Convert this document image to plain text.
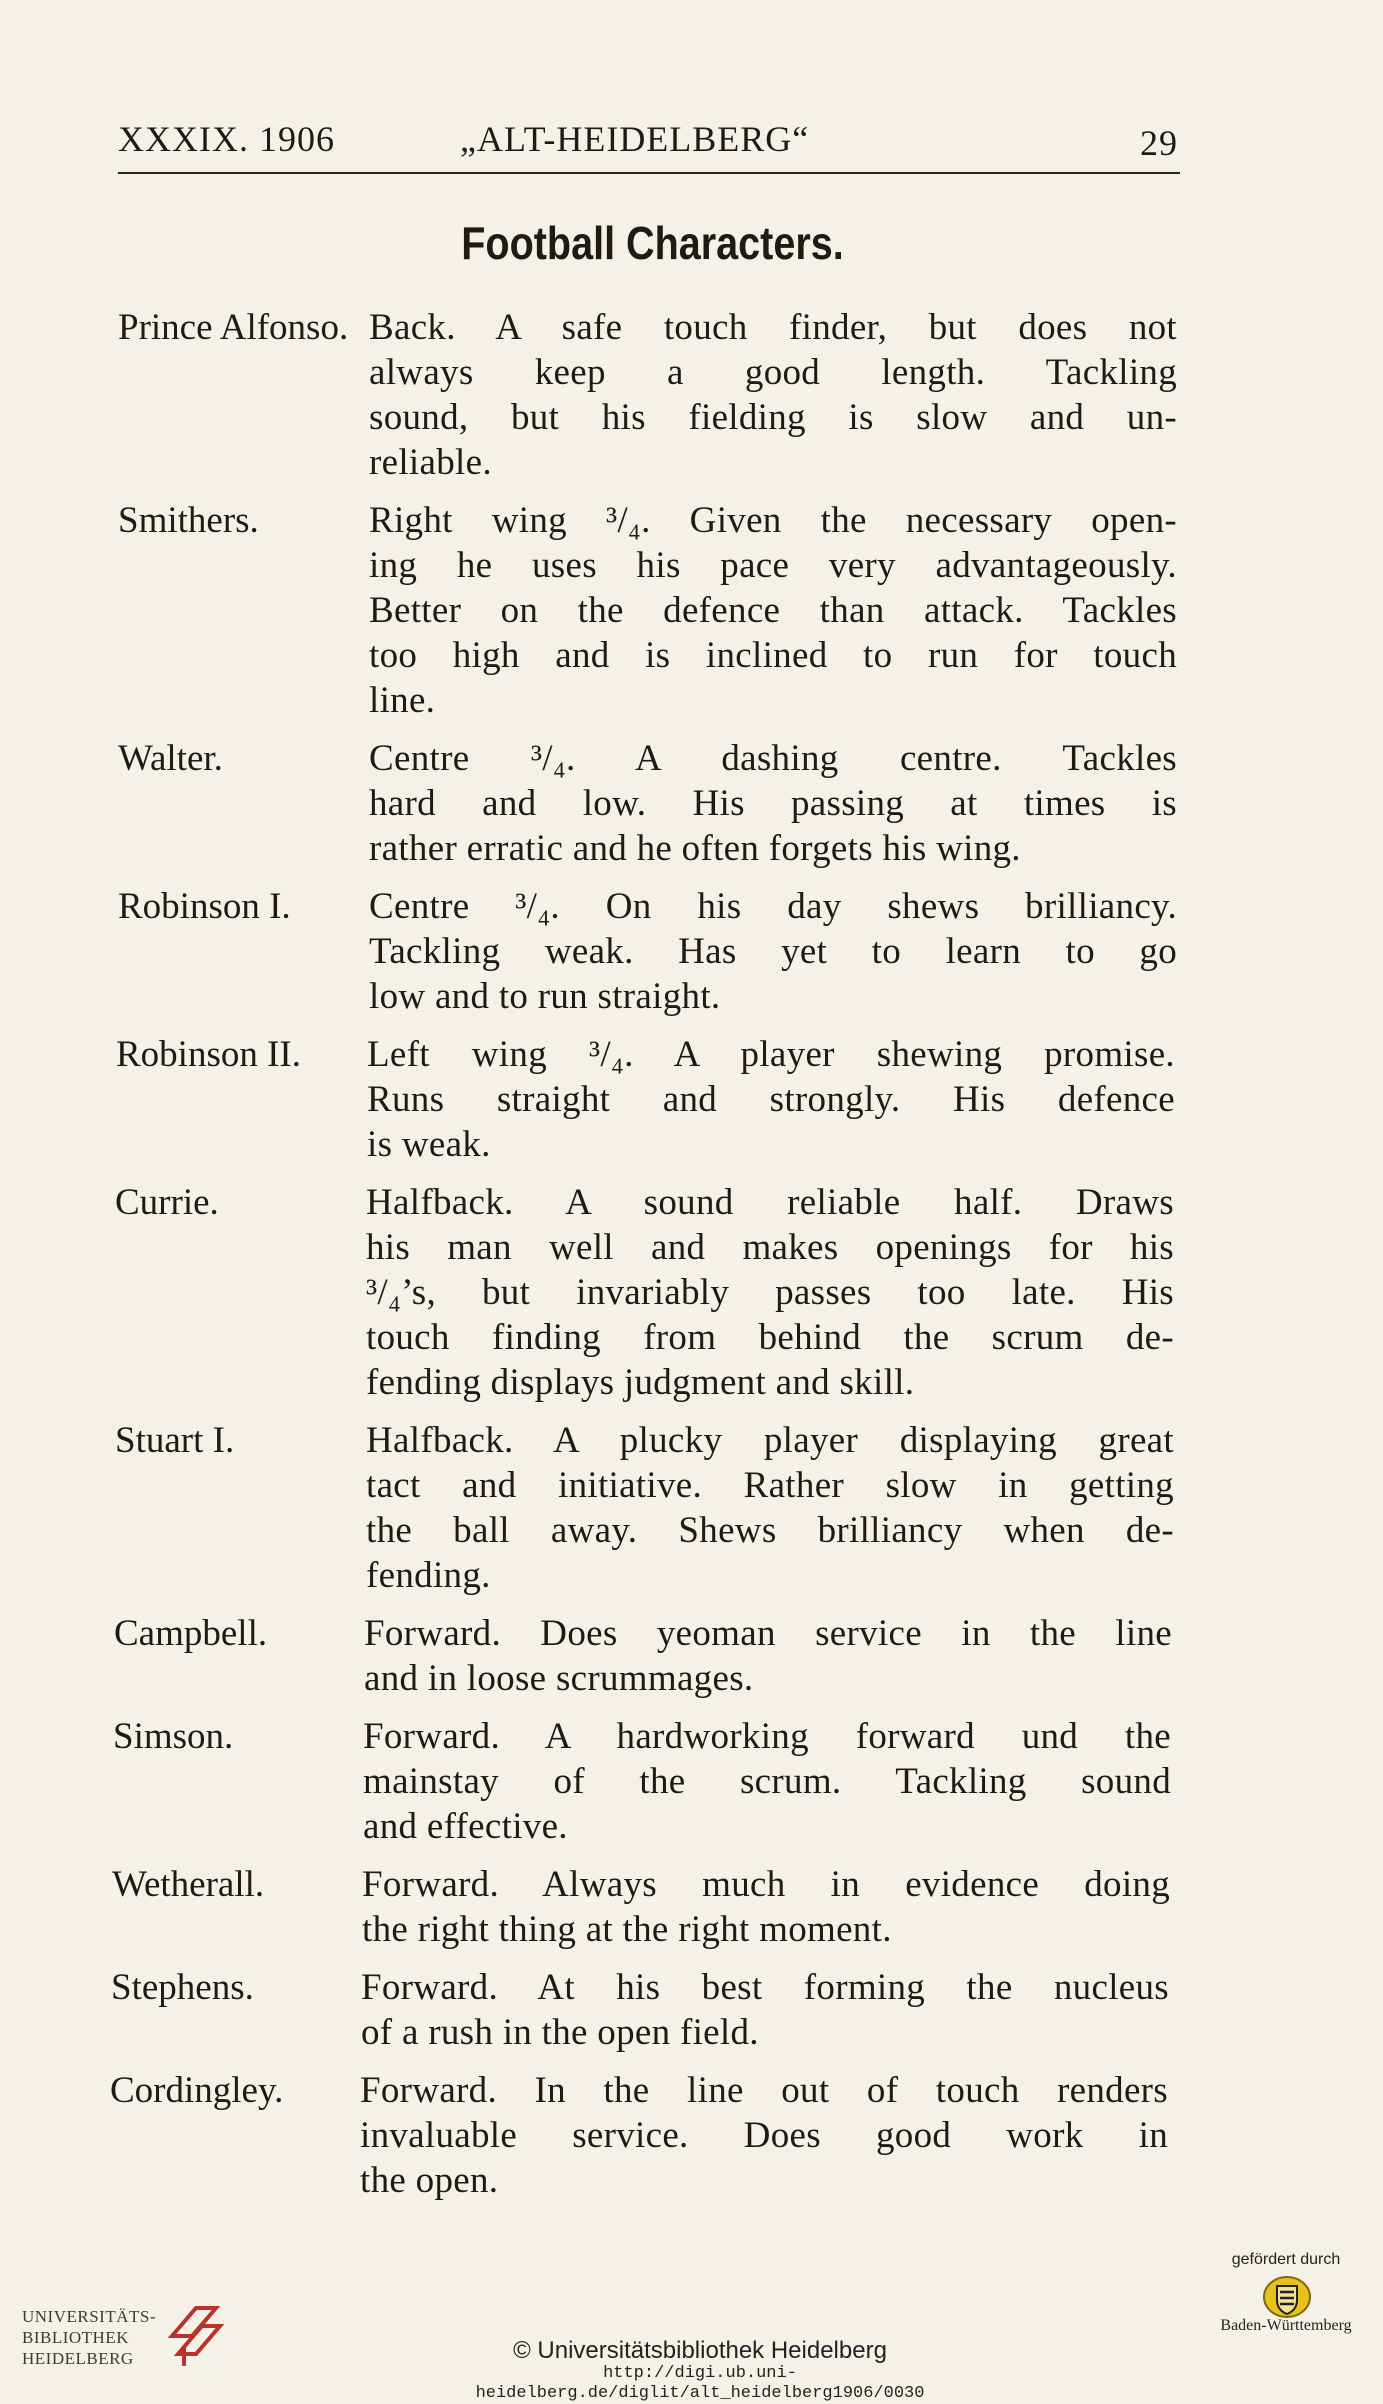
XXXIX. 1906	„ALT-HEIDELBERG“	29
Football Characters.
Prince Alfonso. Back. A safe touch finder, but does not
always keep a good length. Tackling
sound, but his fielding is slow and un-
reliable.
Smithers.	Right wing ³/₄. Given the necessary open-
ing he uses his pace very advantageously.
Better on the defence than attack. Tackles
too high and is inclined to run for touch
line.
Walter.	Centre ³/₄. A dashing centre. Tackles
hard and low. His passing at times is
rather erratic and he often forgets his wing.
Robinson I. Centre ³/₄. On his day shews brilliancy.
Tackling weak. Has yet to learn to go
low and to run straight.
Robinson II. Left wing ³/₄. A player shewing promise.
Runs straight and strongly. His defence
is weak.
Currie.	Halfback. A sound reliable half. Draws
his man well and makes openings for his
³/₄’s, but invariably passes too late. His
touch finding from behind the scrum de-
fending displays judgment and skill.
Stuart I.	Halfback. A plucky player displaying great
tact and initiative. Rather slow in getting
the ball away. Shews brilliancy when de-
fending.
Campbell.	Forward. Does yeoman service in the line
and in loose scrummages.
Simson.	Forward. A hardworking forward und the
mainstay of the scrum. Tackling sound
and effective.
Wetherall.	Forward. Always much in evidence doing
the right thing at the right moment.
Stephens.	Forward. At his best forming the nucleus
of a rush in the open field.
Cordingley. Forward. In the line out of touch renders
invaluable service. Does good work in
the open.
UNIVERSITÄTS-
BIBLIOTHEK
HEIDELBERG	© Universitätsbibliothek Heidelberg
http://digi.ub.uni-heidelberg.de/diglit/alt_heidelberg1906/0030
gefördert durch
Baden-Württemberg
